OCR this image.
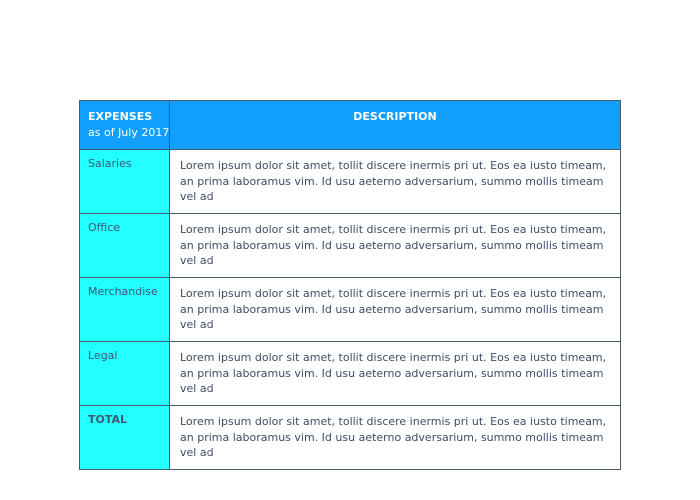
EXPENSES
as of July 2017	DESCRIPTION
Salaries	Lorem ipsum dolor sit amet, tollit discere inermis pri ut. Eos ea iusto timeam, an prima laboramus vim. Id usu aeterno adversarium, summo mollis timeam vel ad
Office	Lorem ipsum dolor sit amet, tollit discere inermis pri ut. Eos ea iusto timeam, an prima laboramus vim. Id usu aeterno adversarium, summo mollis timeam vel ad
Merchandise	Lorem ipsum dolor sit amet, tollit discere inermis pri ut. Eos ea iusto timeam, an prima laboramus vim. Id usu aeterno adversarium, summo mollis timeam vel ad
Legal	Lorem ipsum dolor sit amet, tollit discere inermis pri ut. Eos ea iusto timeam, an prima laboramus vim. Id usu aeterno adversarium, summo mollis timeam vel ad
TOTAL	Lorem ipsum dolor sit amet, tollit discere inermis pri ut. Eos ea iusto timeam, an prima laboramus vim. Id usu aeterno adversarium, summo mollis timeam vel ad
